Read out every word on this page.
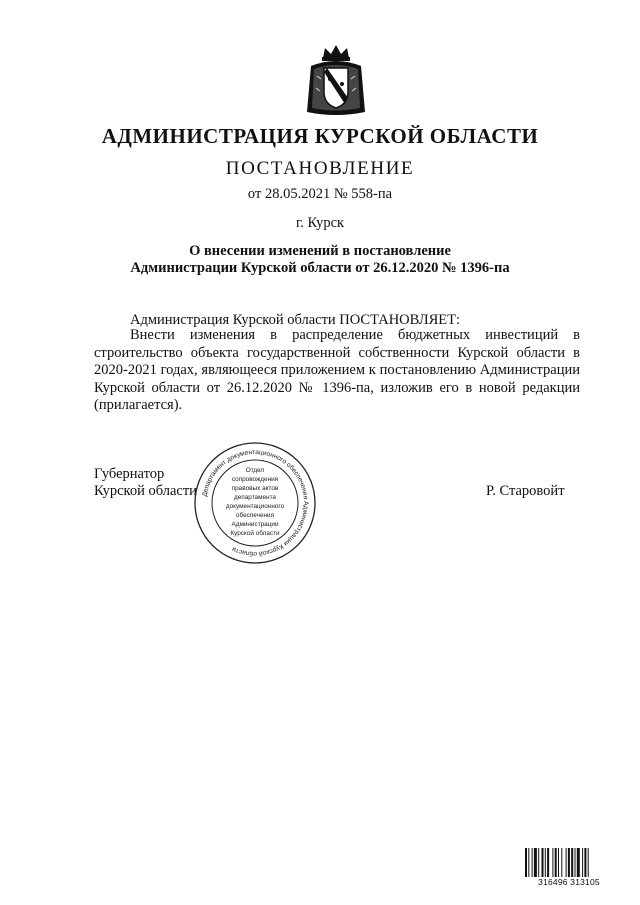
АДМИНИСТРАЦИЯ КУРСКОЙ ОБЛАСТИ
ПОСТАНОВЛЕНИЕ
от 28.05.2021 № 558-па
г. Курск
О внесении изменений в постановление
Администрации Курской области от 26.12.2020 № 1396-па
Администрация Курской области ПОСТАНОВЛЯЕТ:
Внести изменения в распределение бюджетных инвестиций в строительство объекта государственной собственности Курской области в 2020-2021 годах, являющееся приложением к постановлению Администрации Курской области от 26.12.2020 № 1396-па, изложив его в новой редакции (прилагается).
Губернатор
Курской области	Р. Старовойт
Департамент документационного обеспечения Администрации Курской области
Отдел
сопровождения
правовых актов
департамента
документационного
обеспечения
Администрации
Курской области
316496 313105
